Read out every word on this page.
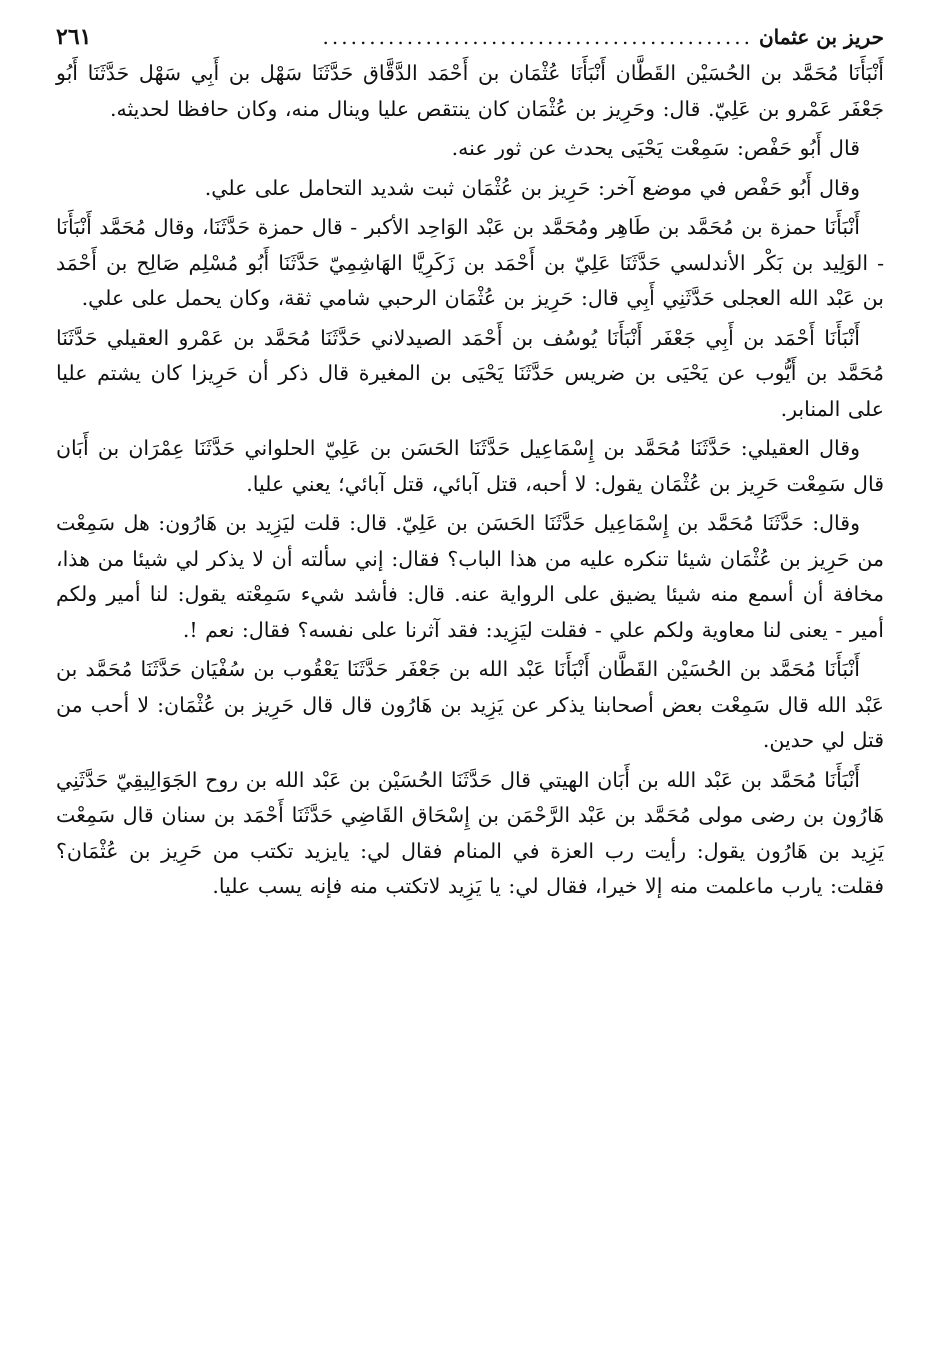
حريز بن عثمان
..............................................
٢٦١

أَنْبَأَنَا مُحَمَّد بن الحُسَيْن القَطَّان أَنْبَأَنَا عُثْمَان بن أَحْمَد الدَّقَّاق حَدَّثَنَا سَهْل بن أَبِي سَهْل حَدَّثَنَا أَبُو جَعْفَر عَمْرو بن عَلِيّ. قال: وحَرِيز بن عُثْمَان كان ينتقص عليا وينال منه، وكان حافظا لحديثه.

قال أَبُو حَفْص: سَمِعْت يَحْيَى يحدث عن ثور عنه.

وقال أَبُو حَفْص في موضع آخر: حَرِيز بن عُثْمَان ثبت شديد التحامل على علي.

أَنْبَأَنَا حمزة بن مُحَمَّد بن طَاهِر ومُحَمَّد بن عَبْد الوَاحِد الأكبر - قال حمزة حَدَّثَنَا، وقال مُحَمَّد أَنْبَأَنَا - الوَلِيد بن بَكْر الأندلسي حَدَّثَنَا عَلِيّ بن أَحْمَد بن زَكَرِيَّا الهَاشِمِيّ حَدَّثَنَا أَبُو مُسْلِم صَالِح بن أَحْمَد بن عَبْد الله العجلى حَدَّثَنِي أَبِي قال: حَرِيز بن عُثْمَان الرحبي شامي ثقة، وكان يحمل على علي.

أَنْبَأَنَا أَحْمَد بن أَبِي جَعْفَر أَنْبَأَنَا يُوسُف بن أَحْمَد الصيدلاني حَدَّثَنَا مُحَمَّد بن عَمْرو العقيلي حَدَّثَنَا مُحَمَّد بن أَيُّوب عن يَحْيَى بن ضريس حَدَّثَنَا يَحْيَى بن المغيرة قال ذكر أن حَرِيزا كان يشتم عليا على المنابر.

وقال العقيلي: حَدَّثَنَا مُحَمَّد بن إِسْمَاعِيل حَدَّثَنَا الحَسَن بن عَلِيّ الحلواني حَدَّثَنَا عِمْرَان بن أَبَان قال سَمِعْت حَرِيز بن عُثْمَان يقول: لا أحبه، قتل آبائي، قتل آبائي؛ يعني عليا.

وقال: حَدَّثَنَا مُحَمَّد بن إِسْمَاعِيل حَدَّثَنَا الحَسَن بن عَلِيّ. قال: قلت ليَزِيد بن هَارُون: هل سَمِعْت من حَرِيز بن عُثْمَان شيئا تنكره عليه من هذا الباب؟ فقال: إني سألته أن لا يذكر لي شيئا من هذا، مخافة أن أسمع منه شيئا يضيق على الرواية عنه. قال: فأشد شيء سَمِعْته يقول: لنا أمير ولكم أمير - يعنى لنا معاوية ولكم علي - فقلت ليَزِيد: فقد آثرنا على نفسه؟ فقال: نعم !.

أَنْبَأَنَا مُحَمَّد بن الحُسَيْن القَطَّان أَنْبَأَنَا عَبْد الله بن جَعْفَر حَدَّثَنَا يَعْقُوب بن سُفْيَان حَدَّثَنَا مُحَمَّد بن عَبْد الله قال سَمِعْت بعض أصحابنا يذكر عن يَزِيد بن هَارُون قال قال حَرِيز بن عُثْمَان: لا أحب من قتل لي حدين.

أَنْبَأَنَا مُحَمَّد بن عَبْد الله بن أَبَان الهيتي قال حَدَّثَنَا الحُسَيْن بن عَبْد الله بن روح الجَوَالِيقِيّ حَدَّثَنِي هَارُون بن رضى مولى مُحَمَّد بن عَبْد الرَّحْمَن بن إِسْحَاق القَاضِي حَدَّثَنَا أَحْمَد بن سنان قال سَمِعْت يَزِيد بن هَارُون يقول: رأيت رب العزة في المنام فقال لي: يايزيد تكتب من حَرِيز بن عُثْمَان؟ فقلت: يارب ماعلمت منه إلا خيرا، فقال لي: يا يَزِيد لاتكتب منه فإنه يسب عليا.
